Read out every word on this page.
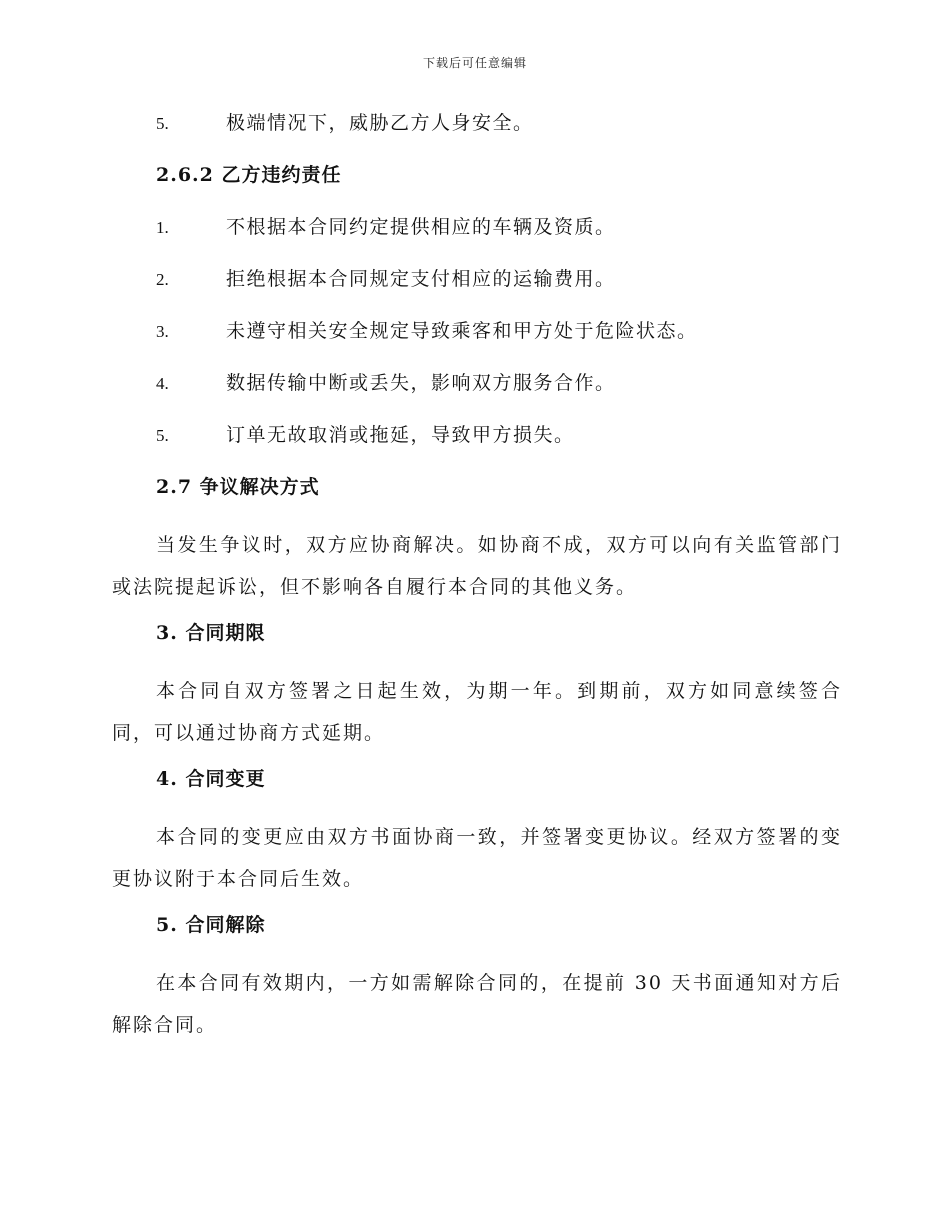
下载后可任意编辑
5.	极端情况下，威胁乙方人身安全。
2.6.2 乙方违约责任
1.	不根据本合同约定提供相应的车辆及资质。
2.	拒绝根据本合同规定支付相应的运输费用。
3.	未遵守相关安全规定导致乘客和甲方处于危险状态。
4.	数据传输中断或丢失，影响双方服务合作。
5.	订单无故取消或拖延，导致甲方损失。
2.7 争议解决方式

当发生争议时，双方应协商解决。如协商不成，双方可以向有关监管部门或法院提起诉讼，但不影响各自履行本合同的其他义务。

3. 合同期限

本合同自双方签署之日起生效，为期一年。到期前，双方如同意续签合同，可以通过协商方式延期。

4. 合同变更

本合同的变更应由双方书面协商一致，并签署变更协议。经双方签署的变更协议附于本合同后生效。

5. 合同解除

在本合同有效期内，一方如需解除合同的，在提前 30 天书面通知对方后解除合同。
